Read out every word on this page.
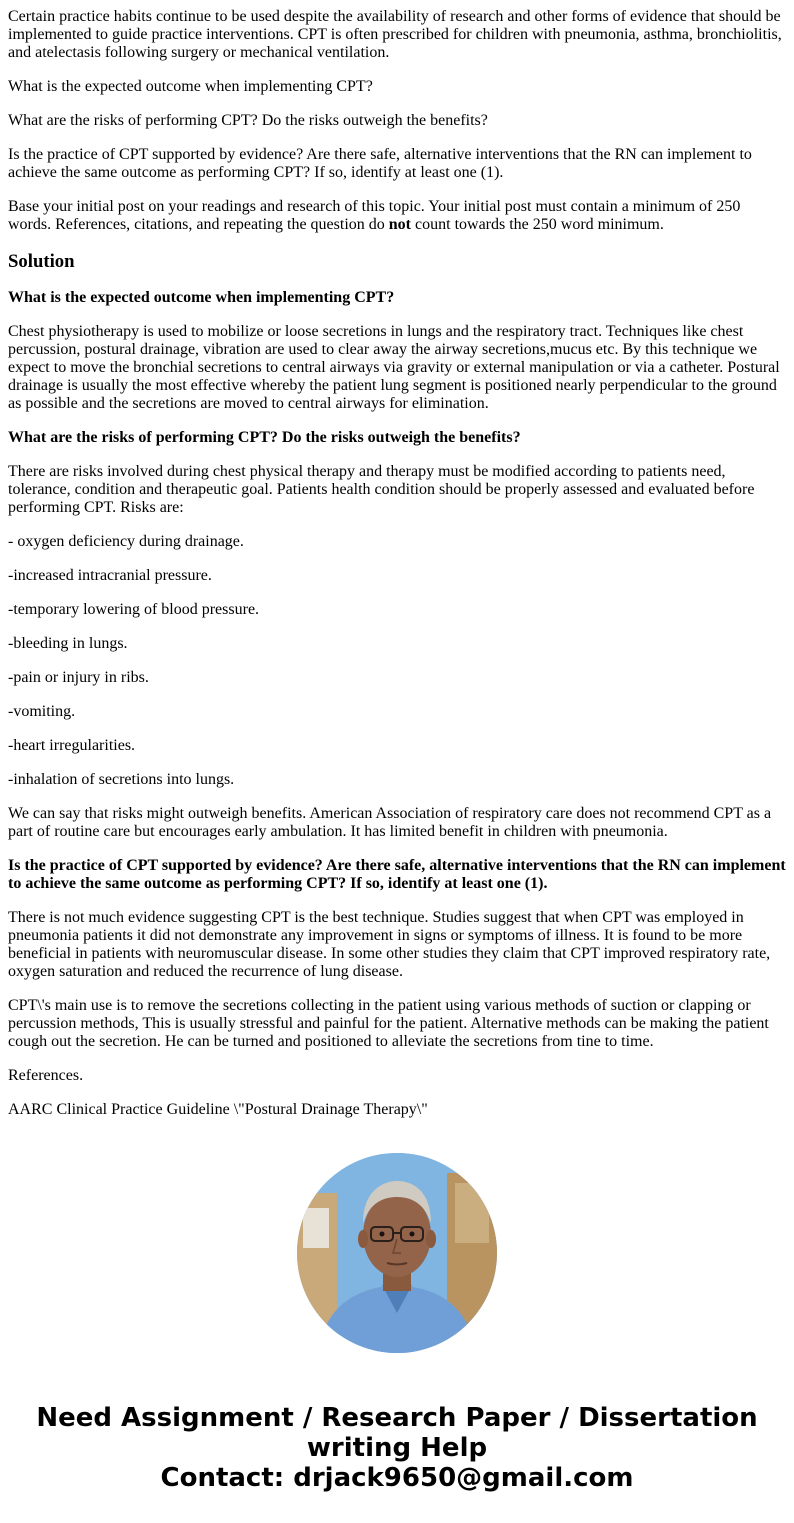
Certain practice habits continue to be used despite the availability of research and other forms of evidence that should be implemented to guide practice interventions. CPT is often prescribed for children with pneumonia, asthma, bronchiolitis, and atelectasis following surgery or mechanical ventilation.

What is the expected outcome when implementing CPT?

What are the risks of performing CPT? Do the risks outweigh the benefits?

Is the practice of CPT supported by evidence? Are there safe, alternative interventions that the RN can implement to achieve the same outcome as performing CPT? If so, identify at least one (1).

Base your initial post on your readings and research of this topic. Your initial post must contain a minimum of 250 words. References, citations, and repeating the question do not count towards the 250 word minimum.

Solution

What is the expected outcome when implementing CPT?

Chest physiotherapy is used to mobilize or loose secretions in lungs and the respiratory tract. Techniques like chest percussion, postural drainage, vibration are used to clear away the airway secretions,mucus etc. By this technique we expect to move the bronchial secretions to central airways via gravity or external manipulation or via a catheter. Postural drainage is usually the most effective whereby the patient lung segment is positioned nearly perpendicular to the ground as possible and the secretions are moved to central airways for elimination.

What are the risks of performing CPT? Do the risks outweigh the benefits?

There are risks involved during chest physical therapy and therapy must be modified according to patients need, tolerance, condition and therapeutic goal. Patients health condition should be properly assessed and evaluated before performing CPT. Risks are:

- oxygen deficiency during drainage.

-increased intracranial pressure.

-temporary lowering of blood pressure.

-bleeding in lungs.

-pain or injury in ribs.

-vomiting.

-heart irregularities.

-inhalation of secretions into lungs.

We can say that risks might outweigh benefits. American Association of respiratory care does not recommend CPT as a part of routine care but encourages early ambulation. It has limited benefit in children with pneumonia.

Is the practice of CPT supported by evidence? Are there safe, alternative interventions that the RN can implement to achieve the same outcome as performing CPT? If so, identify at least one (1).

There is not much evidence suggesting CPT is the best technique. Studies suggest that when CPT was employed in pneumonia patients it did not demonstrate any improvement in signs or symptoms of illness. It is found to be more beneficial in patients with neuromuscular disease. In some other studies they claim that CPT improved respiratory rate, oxygen saturation and reduced the recurrence of lung disease.

CPT\'s main use is to remove the secretions collecting in the patient using various methods of suction or clapping or percussion methods, This is usually stressful and painful for the patient. Alternative methods can be making the patient cough out the secretion. He can be turned and positioned to alleviate the secretions from tine to time.

References.

AARC Clinical Practice Guideline \"Postural Drainage Therapy\"

Need Assignment / Research Paper / Dissertation
writing Help
Contact: drjack9650@gmail.com
